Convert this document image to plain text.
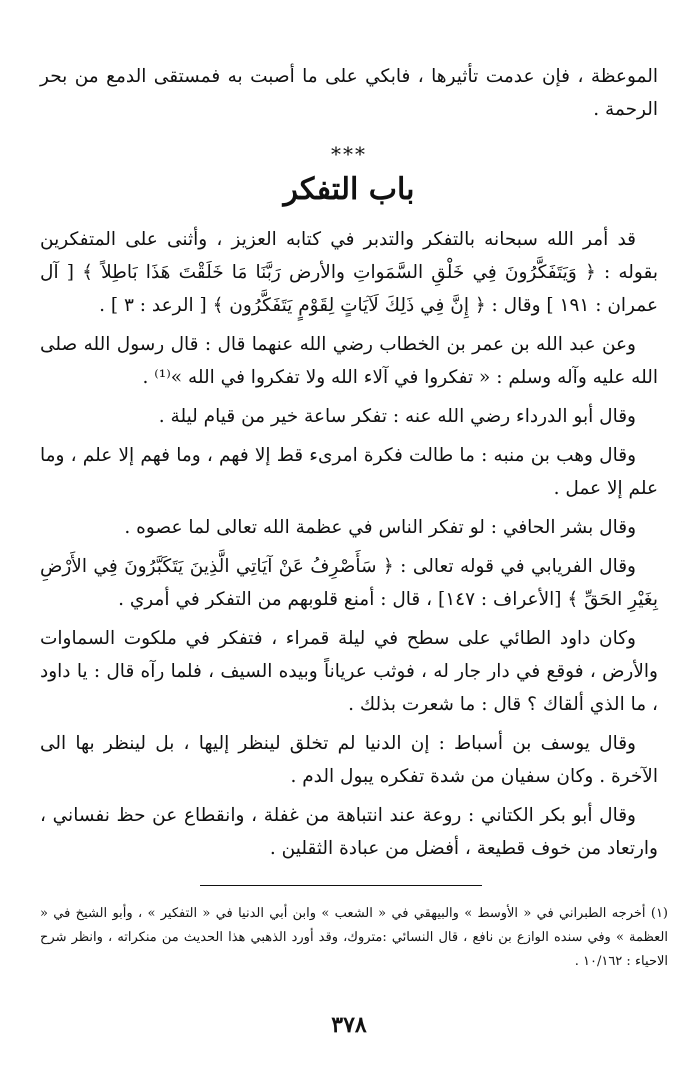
الموعظة ، فإن عدمت تأثيرها ، فابكي على ما أصبت به فمستقى الدمع من بحر الرحمة .

***
باب التفكر

قد أمر الله سبحانه بالتفكر والتدبر في كتابه العزيز ، وأثنى على المتفكرين بقوله : ﴿ وَيَتَفَكَّرُونَ فِي خَلْقِ السَّمَواتِ والأرض رَبَّنَا مَا خَلَقْتَ هَذَا بَاطِلاً ﴾ [ آل عمران : ١٩١ ] وقال : ﴿ إِنَّ فِي ذَلِكَ لَآيَاتٍ لِقَوْمٍ يَتَفَكَّرُون ﴾ [ الرعد : ٣ ] .

وعن عبد الله بن عمر بن الخطاب رضي الله عنهما قال : قال رسول الله صلى الله عليه وآله وسلم : « تفكروا في آلاء الله ولا تفكروا في الله »⁽¹⁾ .

وقال أبو الدرداء رضي الله عنه : تفكر ساعة خير من قيام ليلة .

وقال وهب بن منبه : ما طالت فكرة امرىء قط إلا فهم ، وما فهم إلا علم ، وما علم إلا عمل .

وقال بشر الحافي : لو تفكر الناس في عظمة الله تعالى لما عصوه .

وقال الفريابي في قوله تعالى : ﴿ سَأَصْرِفُ عَنْ آيَاتِي الَّذِينَ يَتَكَبَّرُونَ فِي الأَرْضِ بِغَيْرِ الحَقِّ ﴾ [الأعراف : ١٤٧] ، قال : أمنع قلوبهم من التفكر في أمري .

وكان داود الطائي على سطح في ليلة قمراء ، فتفكر في ملكوت السماوات والأرض ، فوقع في دار جار له ، فوثب عرياناً وبيده السيف ، فلما رآه قال : يا داود ، ما الذي ألقاك ؟ قال : ما شعرت بذلك .

وقال يوسف بن أسباط : إن الدنيا لم تخلق لينظر إليها ، بل لينظر بها الى الآخرة . وكان سفيان من شدة تفكره يبول الدم .

وقال أبو بكر الكتاني : روعة عند انتباهة من غفلة ، وانقطاع عن حظ نفساني ، وارتعاد من خوف قطيعة ، أفضل من عبادة الثقلين .

(١) أخرجه الطبراني في « الأوسط » والبيهقي في « الشعب » وابن أبي الدنيا في « التفكير » ، وأبو الشيخ في « العظمة » وفي سنده الوازع بن نافع ، قال النسائي :متروك، وقد أورد الذهبي هذا الحديث من منكراته ، وانظر شرح الاحياء : ١٠/١٦٢ .
٣٧٨
